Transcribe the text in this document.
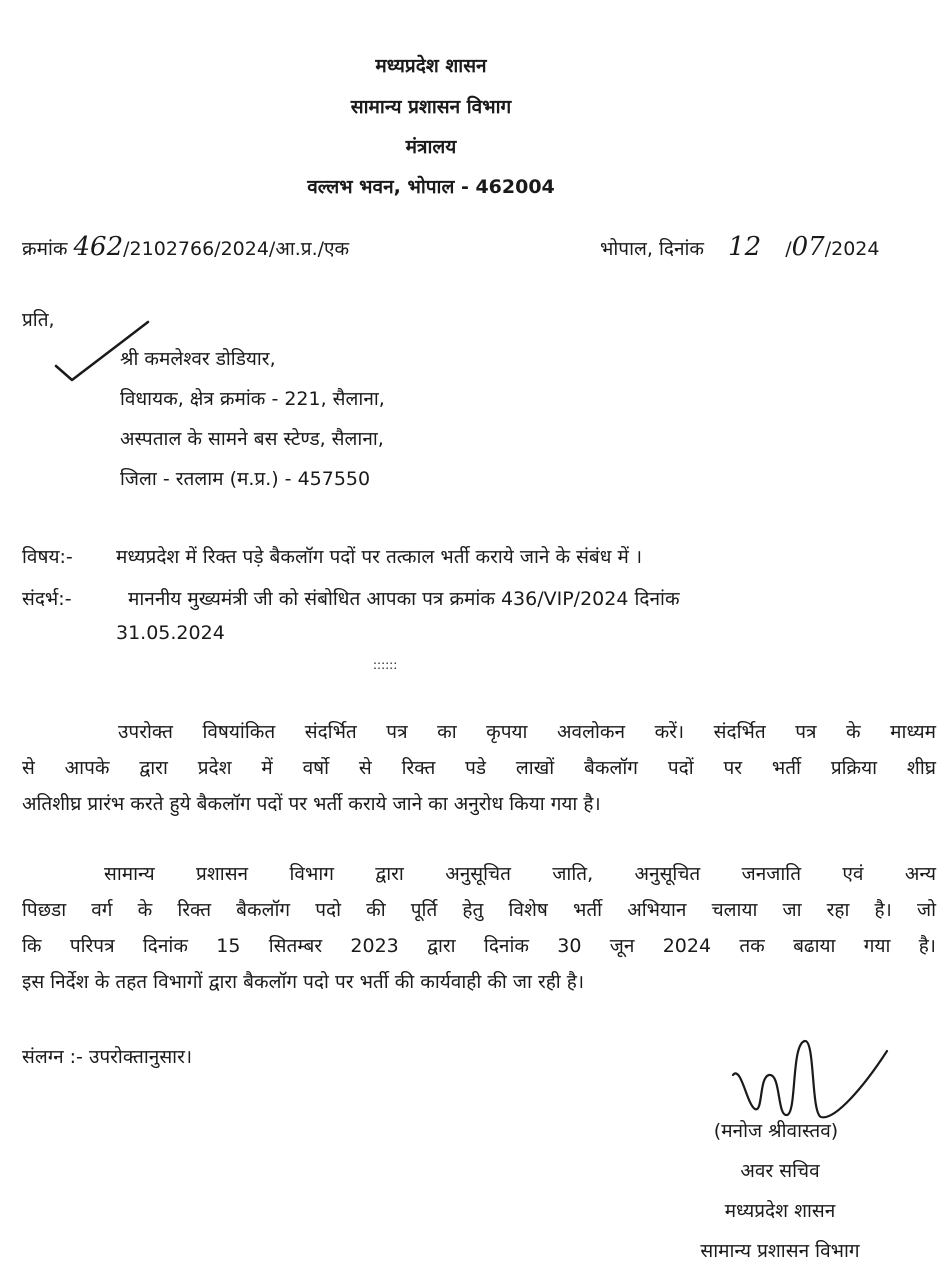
मध्यप्रदेश शासन
सामान्य प्रशासन विभाग
मंत्रालय
वल्लभ भवन, भोपाल - 462004
क्रमांक 462/2102766/2024/आ.प्र./एक	भोपाल, दिनांक 12 /07/2024
प्रति,
श्री कमलेश्वर डोडियार,
विधायक, क्षेत्र क्रमांक - 221, सैलाना,
अस्पताल के सामने बस स्टेण्ड, सैलाना,
जिला - रतलाम (म.प्र.) - 457550
विषय:- मध्यप्रदेश में रिक्त पड़े बैकलॉग पदों पर तत्काल भर्ती कराये जाने के संबंध में ।
संदर्भ:-	माननीय मुख्यमंत्री जी को संबोधित आपका पत्र क्रमांक 436/VIP/2024 दिनांक
31.05.2024
::::::
उपरोक्त विषयांकित संदर्भित पत्र का कृपया अवलोकन करें। संदर्भित पत्र के माध्यम
से आपके द्वारा प्रदेश में वर्षो से रिक्त पडे लाखों बैकलॉग पदों पर भर्ती प्रक्रिया शीघ्र
अतिशीघ्र प्रारंभ करते हुये बैकलॉग पदों पर भर्ती कराये जाने का अनुरोध किया गया है।
सामान्य प्रशासन विभाग द्वारा अनुसूचित जाति, अनुसूचित जनजाति एवं अन्य
पिछडा वर्ग के रिक्त बैकलॉग पदो की पूर्ति हेतु विशेष भर्ती अभियान चलाया जा रहा है। जो
कि परिपत्र दिनांक 15 सितम्बर 2023 द्वारा दिनांक 30 जून 2024 तक बढाया गया है।
इस निर्देश के तहत विभागों द्वारा बैकलॉग पदो पर भर्ती की कार्यवाही की जा रही है।
संलग्न :- उपरोक्तानुसार।
(मनोज श्रीवास्तव)
अवर सचिव
मध्यप्रदेश शासन
सामान्य प्रशासन विभाग
